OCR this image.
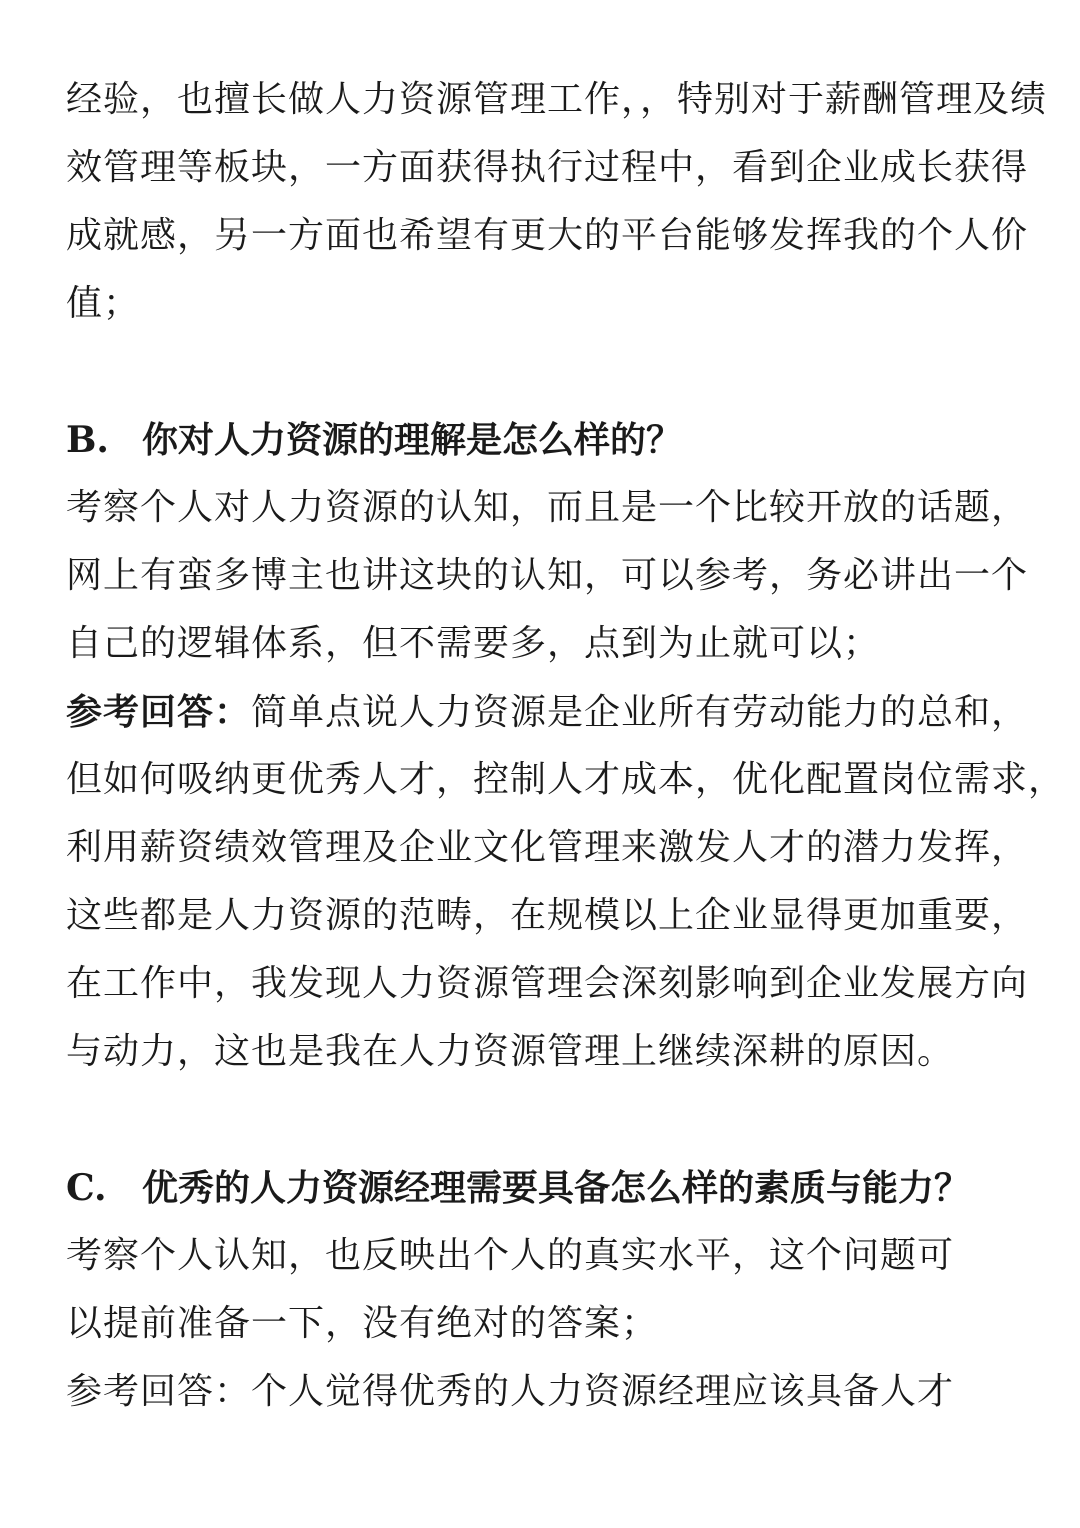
经验，也擅长做人力资源管理工作，，特别对于薪酬管理及绩
效管理等板块，一方面获得执行过程中，看到企业成长获得
成就感，另一方面也希望有更大的平台能够发挥我的个人价
值；
B. 你对人力资源的理解是怎么样的？
考察个人对人力资源的认知，而且是一个比较开放的话题，
网上有蛮多博主也讲这块的认知，可以参考，务必讲出一个
自己的逻辑体系，但不需要多，点到为止就可以；
参考回答：简单点说人力资源是企业所有劳动能力的总和，
但如何吸纳更优秀人才，控制人才成本，优化配置岗位需求，
利用薪资绩效管理及企业文化管理来激发人才的潜力发挥，
这些都是人力资源的范畴，在规模以上企业显得更加重要，
在工作中，我发现人力资源管理会深刻影响到企业发展方向
与动力，这也是我在人力资源管理上继续深耕的原因。
C. 优秀的人力资源经理需要具备怎么样的素质与能力？
考察个人认知，也反映出个人的真实水平，这个问题可
以提前准备一下，没有绝对的答案；
参考回答：个人觉得优秀的人力资源经理应该具备人才
